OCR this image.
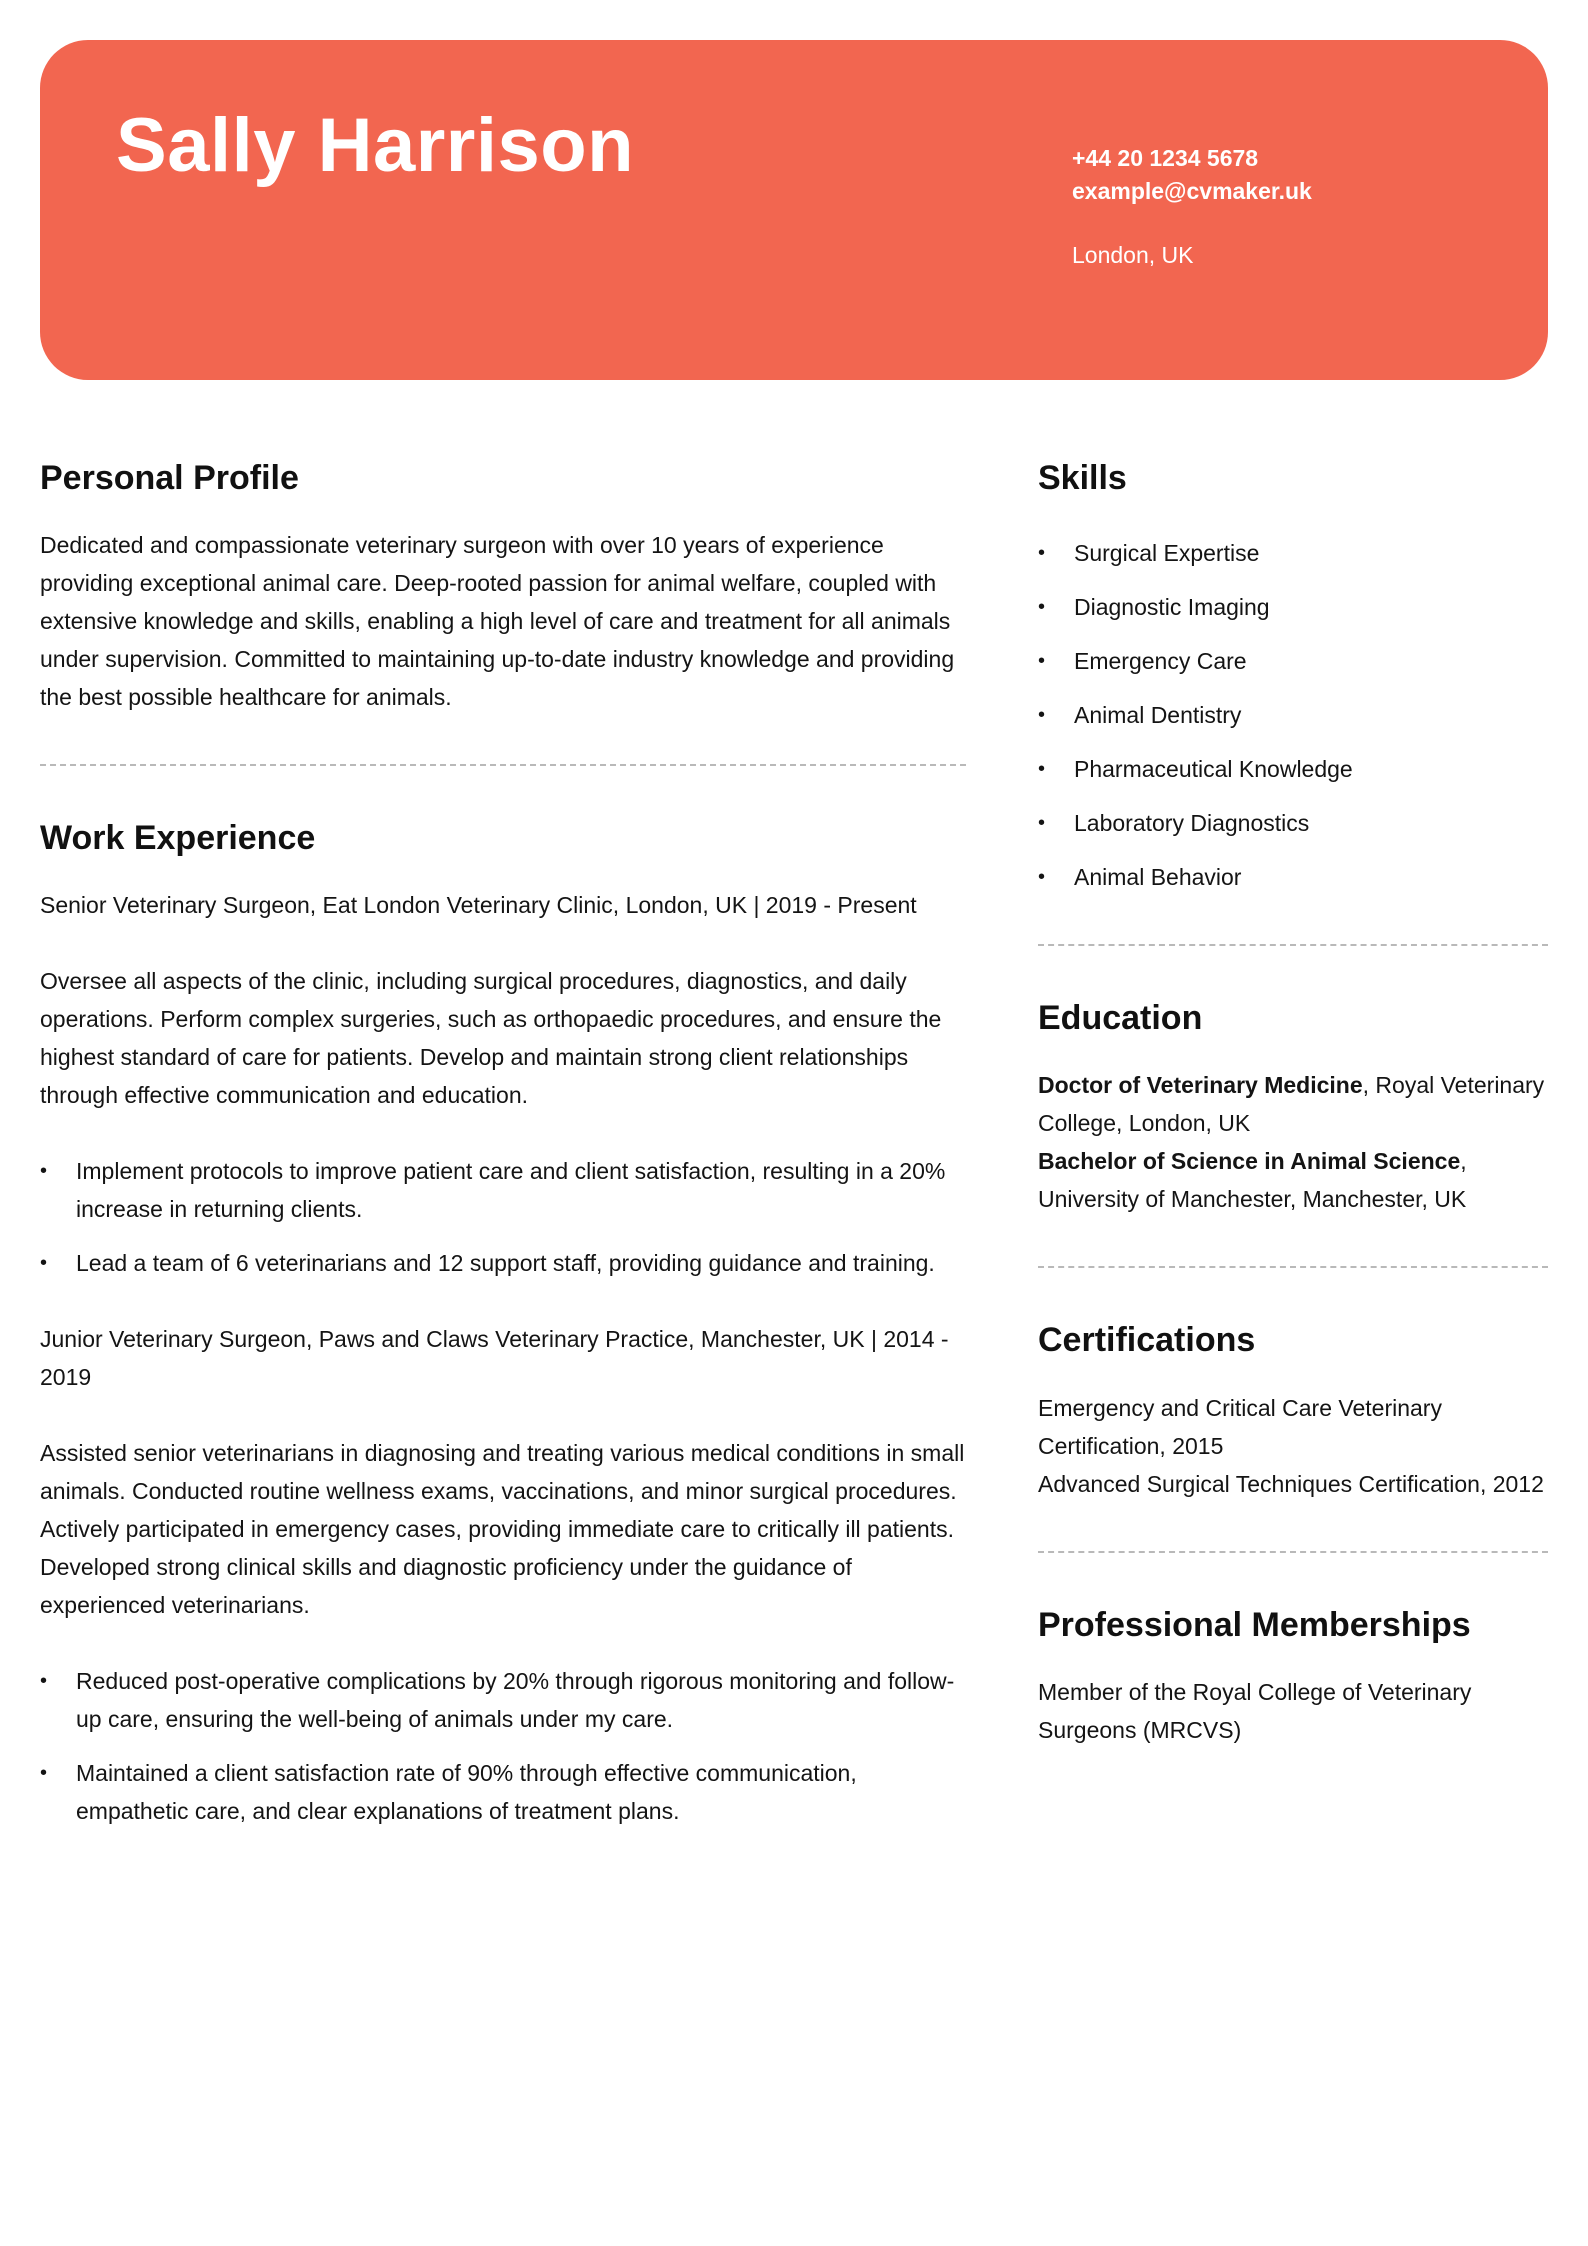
Sally Harrison	+44 20 1234 5678
example@cvmaker.uk
London, UK
Personal Profile

Dedicated and compassionate veterinary surgeon with over 10 years of experience providing exceptional animal care. Deep-rooted passion for animal welfare, coupled with extensive knowledge and skills, enabling a high level of care and treatment for all animals under supervision. Committed to maintaining up-to-date industry knowledge and providing the best possible healthcare for animals.

Work Experience

Senior Veterinary Surgeon, Eat London Veterinary Clinic, London, UK | 2019 - Present

Oversee all aspects of the clinic, including surgical procedures, diagnostics, and daily operations. Perform complex surgeries, such as orthopaedic procedures, and ensure the highest standard of care for patients. Develop and maintain strong client relationships through effective communication and education.

• Implement protocols to improve patient care and client satisfaction, resulting in a 20% increase in returning clients.
• Lead a team of 6 veterinarians and 12 support staff, providing guidance and training.

Junior Veterinary Surgeon, Paws and Claws Veterinary Practice, Manchester, UK | 2014 - 2019

Assisted senior veterinarians in diagnosing and treating various medical conditions in small animals. Conducted routine wellness exams, vaccinations, and minor surgical procedures. Actively participated in emergency cases, providing immediate care to critically ill patients. Developed strong clinical skills and diagnostic proficiency under the guidance of experienced veterinarians.

• Reduced post-operative complications by 20% through rigorous monitoring and follow-up care, ensuring the well-being of animals under my care.
• Maintained a client satisfaction rate of 90% through effective communication, empathetic care, and clear explanations of treatment plans.
Skills
• Surgical Expertise
• Diagnostic Imaging
• Emergency Care
• Animal Dentistry
• Pharmaceutical Knowledge
• Laboratory Diagnostics
• Animal Behavior
Education

Doctor of Veterinary Medicine, Royal Veterinary College, London, UK

Bachelor of Science in Animal Science, University of Manchester, Manchester, UK

Certifications

Emergency and Critical Care Veterinary Certification, 2015

Advanced Surgical Techniques Certification, 2012

Professional Memberships

Member of the Royal College of Veterinary Surgeons (MRCVS)
